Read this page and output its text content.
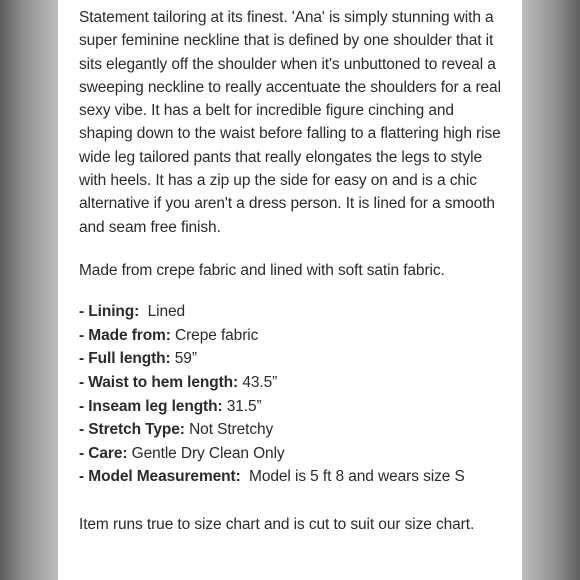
Statement tailoring at its finest. 'Ana' is simply stunning with a super feminine neckline that is defined by one shoulder that it sits elegantly off the shoulder when it's unbuttoned to reveal a sweeping neckline to really accentuate the shoulders for a real sexy vibe. It has a belt for incredible figure cinching and shaping down to the waist before falling to a flattering high rise wide leg tailored pants that really elongates the legs to style with heels. It has a zip up the side for easy on and is a chic alternative if you aren't a dress person. It is lined for a smooth and seam free finish.

Made from crepe fabric and lined with soft satin fabric.

- Lining:  Lined
- Made from: Crepe fabric
- Full length: 59”
- Waist to hem length: 43.5”
- Inseam leg length: 31.5”
- Stretch Type: Not Stretchy
- Care: Gentle Dry Clean Only
- Model Measurement:  Model is 5 ft 8 and wears size S

Item runs true to size chart and is cut to suit our size chart.
